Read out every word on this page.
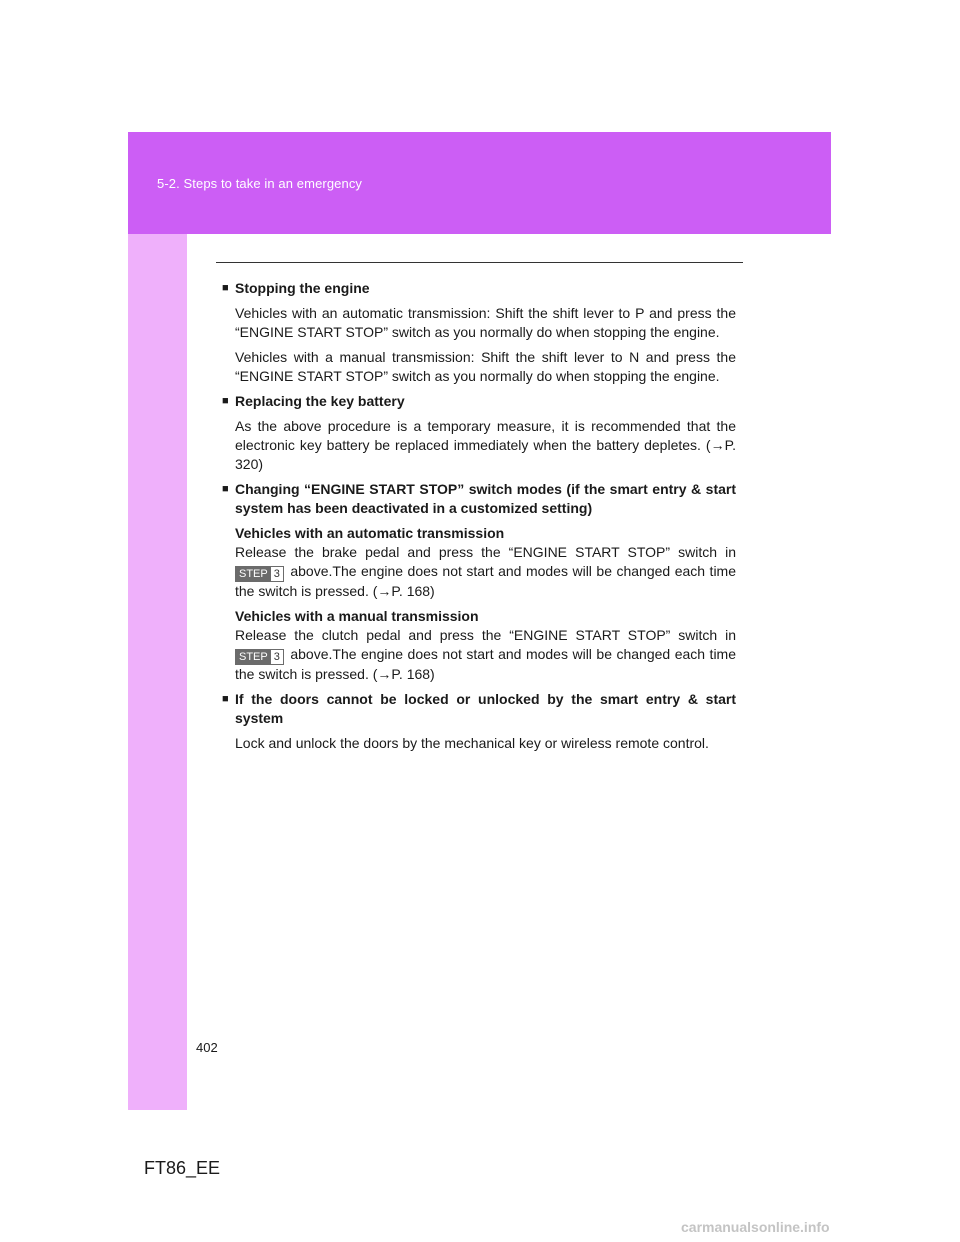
5-2. Steps to take in an emergency
■ Stopping the engine

Vehicles with an automatic transmission: Shift the shift lever to P and press the “ENGINE START STOP” switch as you normally do when stopping the engine.

Vehicles with a manual transmission: Shift the shift lever to N and press the “ENGINE START STOP” switch as you normally do when stopping the engine.

■ Replacing the key battery

As the above procedure is a temporary measure, it is recommended that the electronic key battery be replaced immediately when the battery depletes. (→P. 320)

■ Changing “ENGINE START STOP” switch modes (if the smart entry & start system has been deactivated in a customized setting)
Vehicles with an automatic transmission
Release the brake pedal and press the “ENGINE START STOP” switch in
STEP 3 above.The engine does not start and modes will be changed each time the switch is pressed. (→P. 168)
Vehicles with a manual transmission
Release the clutch pedal and press the “ENGINE START STOP” switch in
STEP 3 above.The engine does not start and modes will be changed each time the switch is pressed. (→P. 168)
■ If the doors cannot be locked or unlocked by the smart entry & start system

Lock and unlock the doors by the mechanical key or wireless remote control.

402
FT86_EE
carmanualsonline.info
